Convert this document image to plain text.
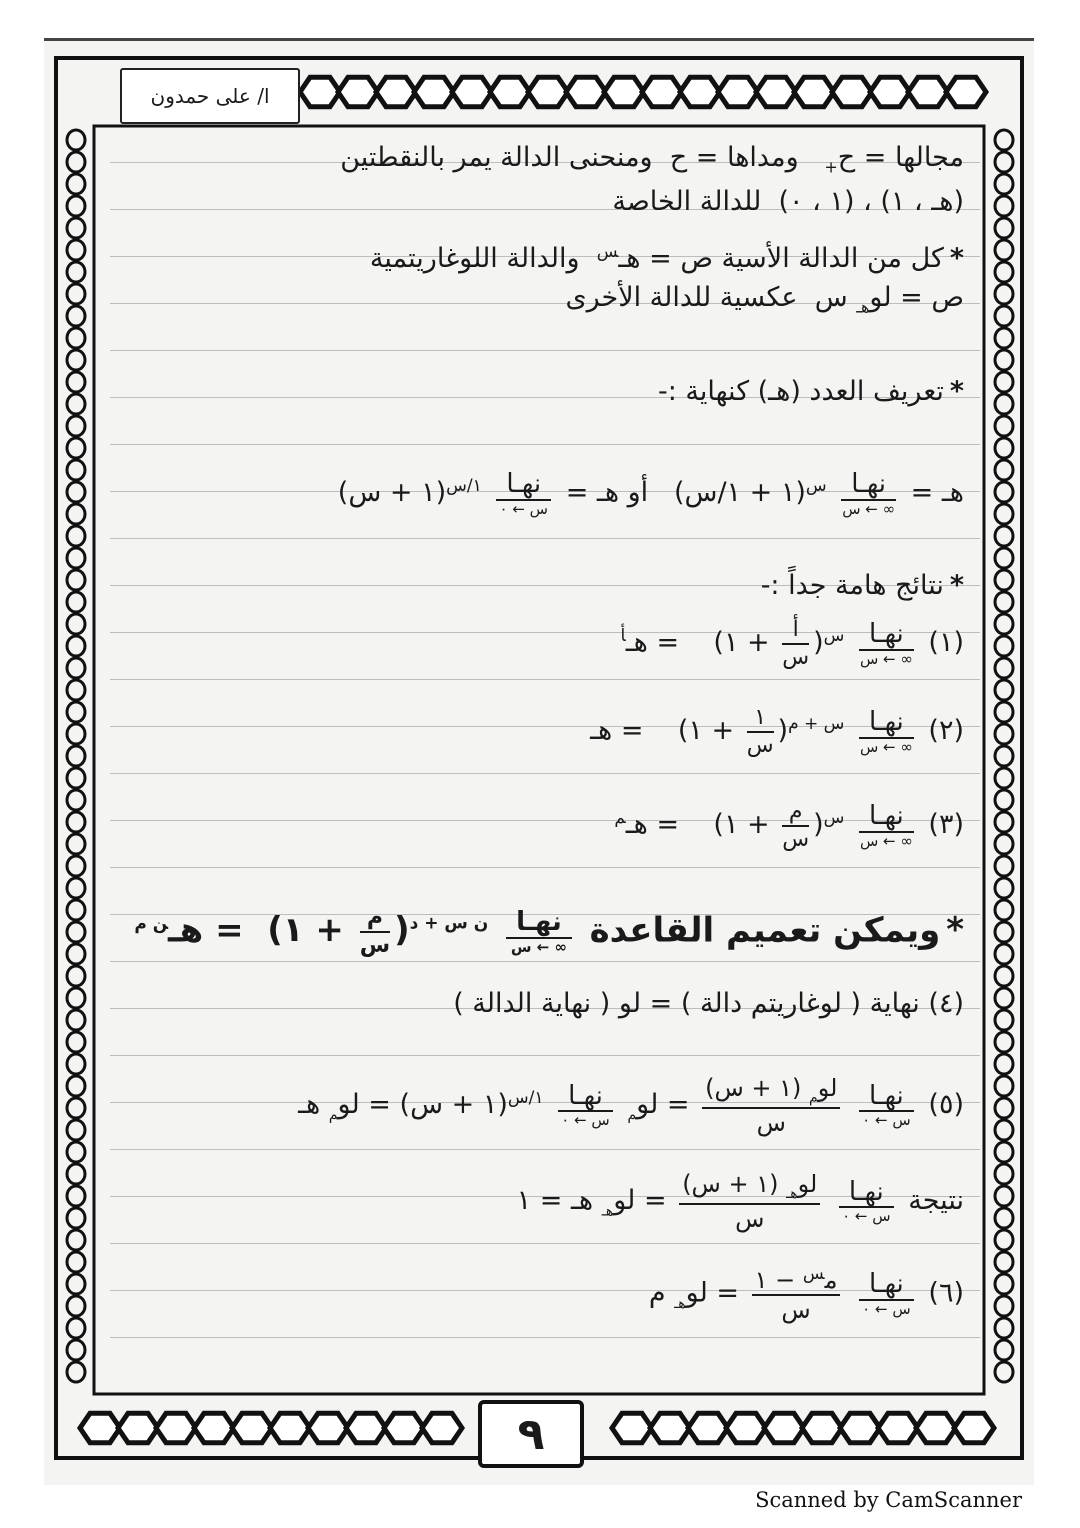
ا/ على حمدون
مجالها = ح$_+$   ومداها = ح  ومنحنى الدالة يمر بالنقطتين
(١ ، ٠) ، (هـ ، ١)  للدالة الخاصة
*كل من الدالة الأسية ص = هـ$^س$  والدالة اللوغاريتمية
ص = لو$_{هـ}$ س  عكسية للدالة الأخرى
*تعريف العدد (هـ) كنهاية :-
هـ =
نهـا
س ← ∞
(١ + ١/س)$^س$   أو هـ =
نهـا
س ← ٠
(١ + س)$^{١/س}$
*نتائج هامة جداً :-
(١)
نهـا
س ← ∞
(١ + $\frac{\text{أ}}{\text{س}} )^س$    = هـ$^أ$
(٢)
نهـا
س ← ∞
(١ + $\frac{١}{\text{س}} )^{س + م}$    = هـ
(٣)
نهـا
س ← ∞
(١ + $\frac{\text{م}}{\text{س}} )^س$    = هـ$^م$
*ويمكن تعميم القاعدة
نهـا
س ← ∞
(١ + $\frac{\text{م}}{\text{س}} )^{ن س + د}$  = هـ$^{ن م}$
(٤) نهاية ( لوغاريتم دالة ) = لو ( نهاية الدالة )
(٥)
نهـا
س ← ٠

$\frac{لو_م (١ + س)}{\text{س}}$
= لو$_م$
نهـا
س ← ٠
(١ + س)$^{١/س}$ = لو$_م$ هـ
نتيجة
نهـا
س ← ٠

$\frac{لو_{هـ} (١ + س)}{\text{س}}$
= لو$_{هـ}$ هـ = ١
(٦)
نهـا
س ← ٠

$\frac{م^س - ١}{\text{س}}$
= لو$_{هـ}$ م
٩
Scanned by CamScanner
